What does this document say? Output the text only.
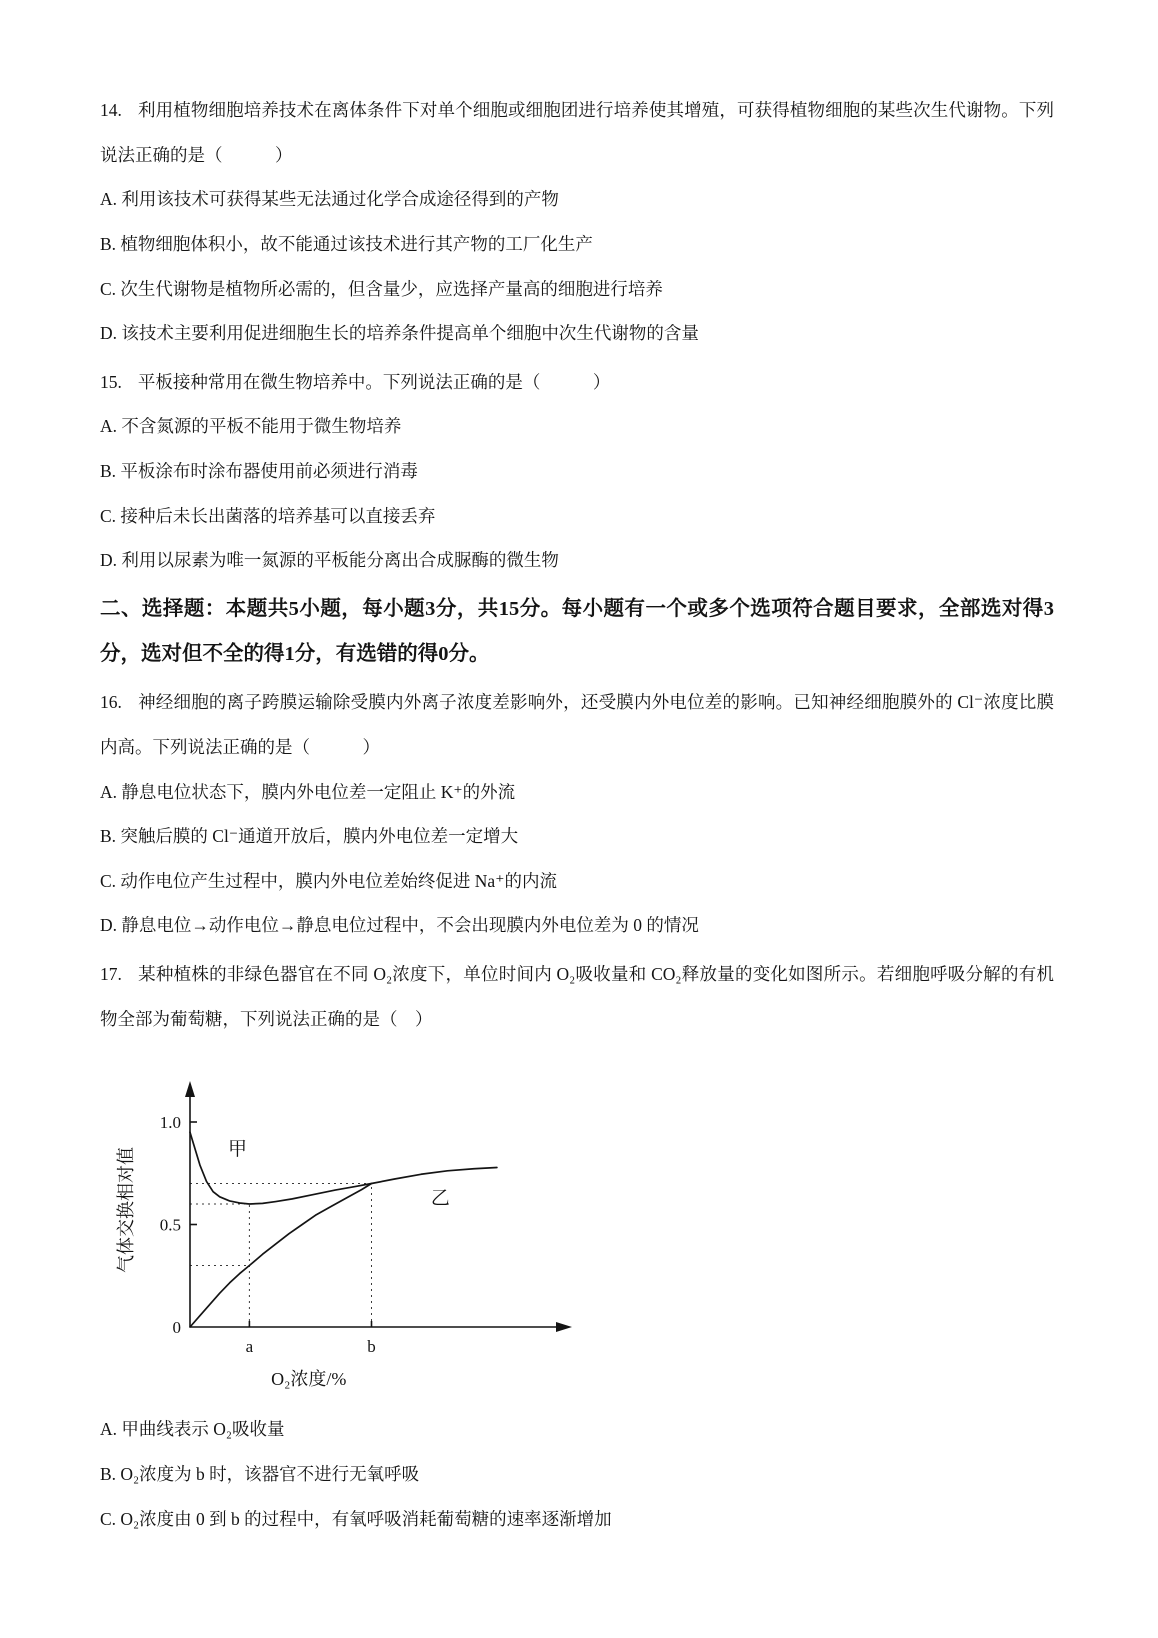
14. 利用植物细胞培养技术在离体条件下对单个细胞或细胞团进行培养使其增殖，可获得植物细胞的某些次生代谢物。下列说法正确的是（　　　）

A. 利用该技术可获得某些无法通过化学合成途径得到的产物

B. 植物细胞体积小，故不能通过该技术进行其产物的工厂化生产

C. 次生代谢物是植物所必需的，但含量少，应选择产量高的细胞进行培养

D. 该技术主要利用促进细胞生长的培养条件提高单个细胞中次生代谢物的含量

15. 平板接种常用在微生物培养中。下列说法正确的是（　　　）

A. 不含氮源的平板不能用于微生物培养

B. 平板涂布时涂布器使用前必须进行消毒

C. 接种后未长出菌落的培养基可以直接丢弃

D. 利用以尿素为唯一氮源的平板能分离出合成脲酶的微生物

二、选择题：本题共5小题，每小题3分，共15分。每小题有一个或多个选项符合题目要求，全部选对得3分，选对但不全的得1分，有选错的得0分。

16. 神经细胞的离子跨膜运输除受膜内外离子浓度差影响外，还受膜内外电位差的影响。已知神经细胞膜外的 Cl⁻浓度比膜内高。下列说法正确的是（　　　）

A. 静息电位状态下，膜内外电位差一定阻止 K⁺的外流

B. 突触后膜的 Cl⁻通道开放后，膜内外电位差一定增大

C. 动作电位产生过程中，膜内外电位差始终促进 Na⁺的内流

D. 静息电位→动作电位→静息电位过程中，不会出现膜内外电位差为 0 的情况

17. 某种植株的非绿色器官在不同 O₂浓度下，单位时间内 O₂吸收量和 CO₂释放量的变化如图所示。若细胞呼吸分解的有机物全部为葡萄糖，下列说法正确的是（　）

1.0
0.5
0
a	b
甲
乙
气体交换相对值
O₂浓度/%

A. 甲曲线表示 O₂吸收量

B. O₂浓度为 b 时，该器官不进行无氧呼吸

C. O₂浓度由 0 到 b 的过程中，有氧呼吸消耗葡萄糖的速率逐渐增加
